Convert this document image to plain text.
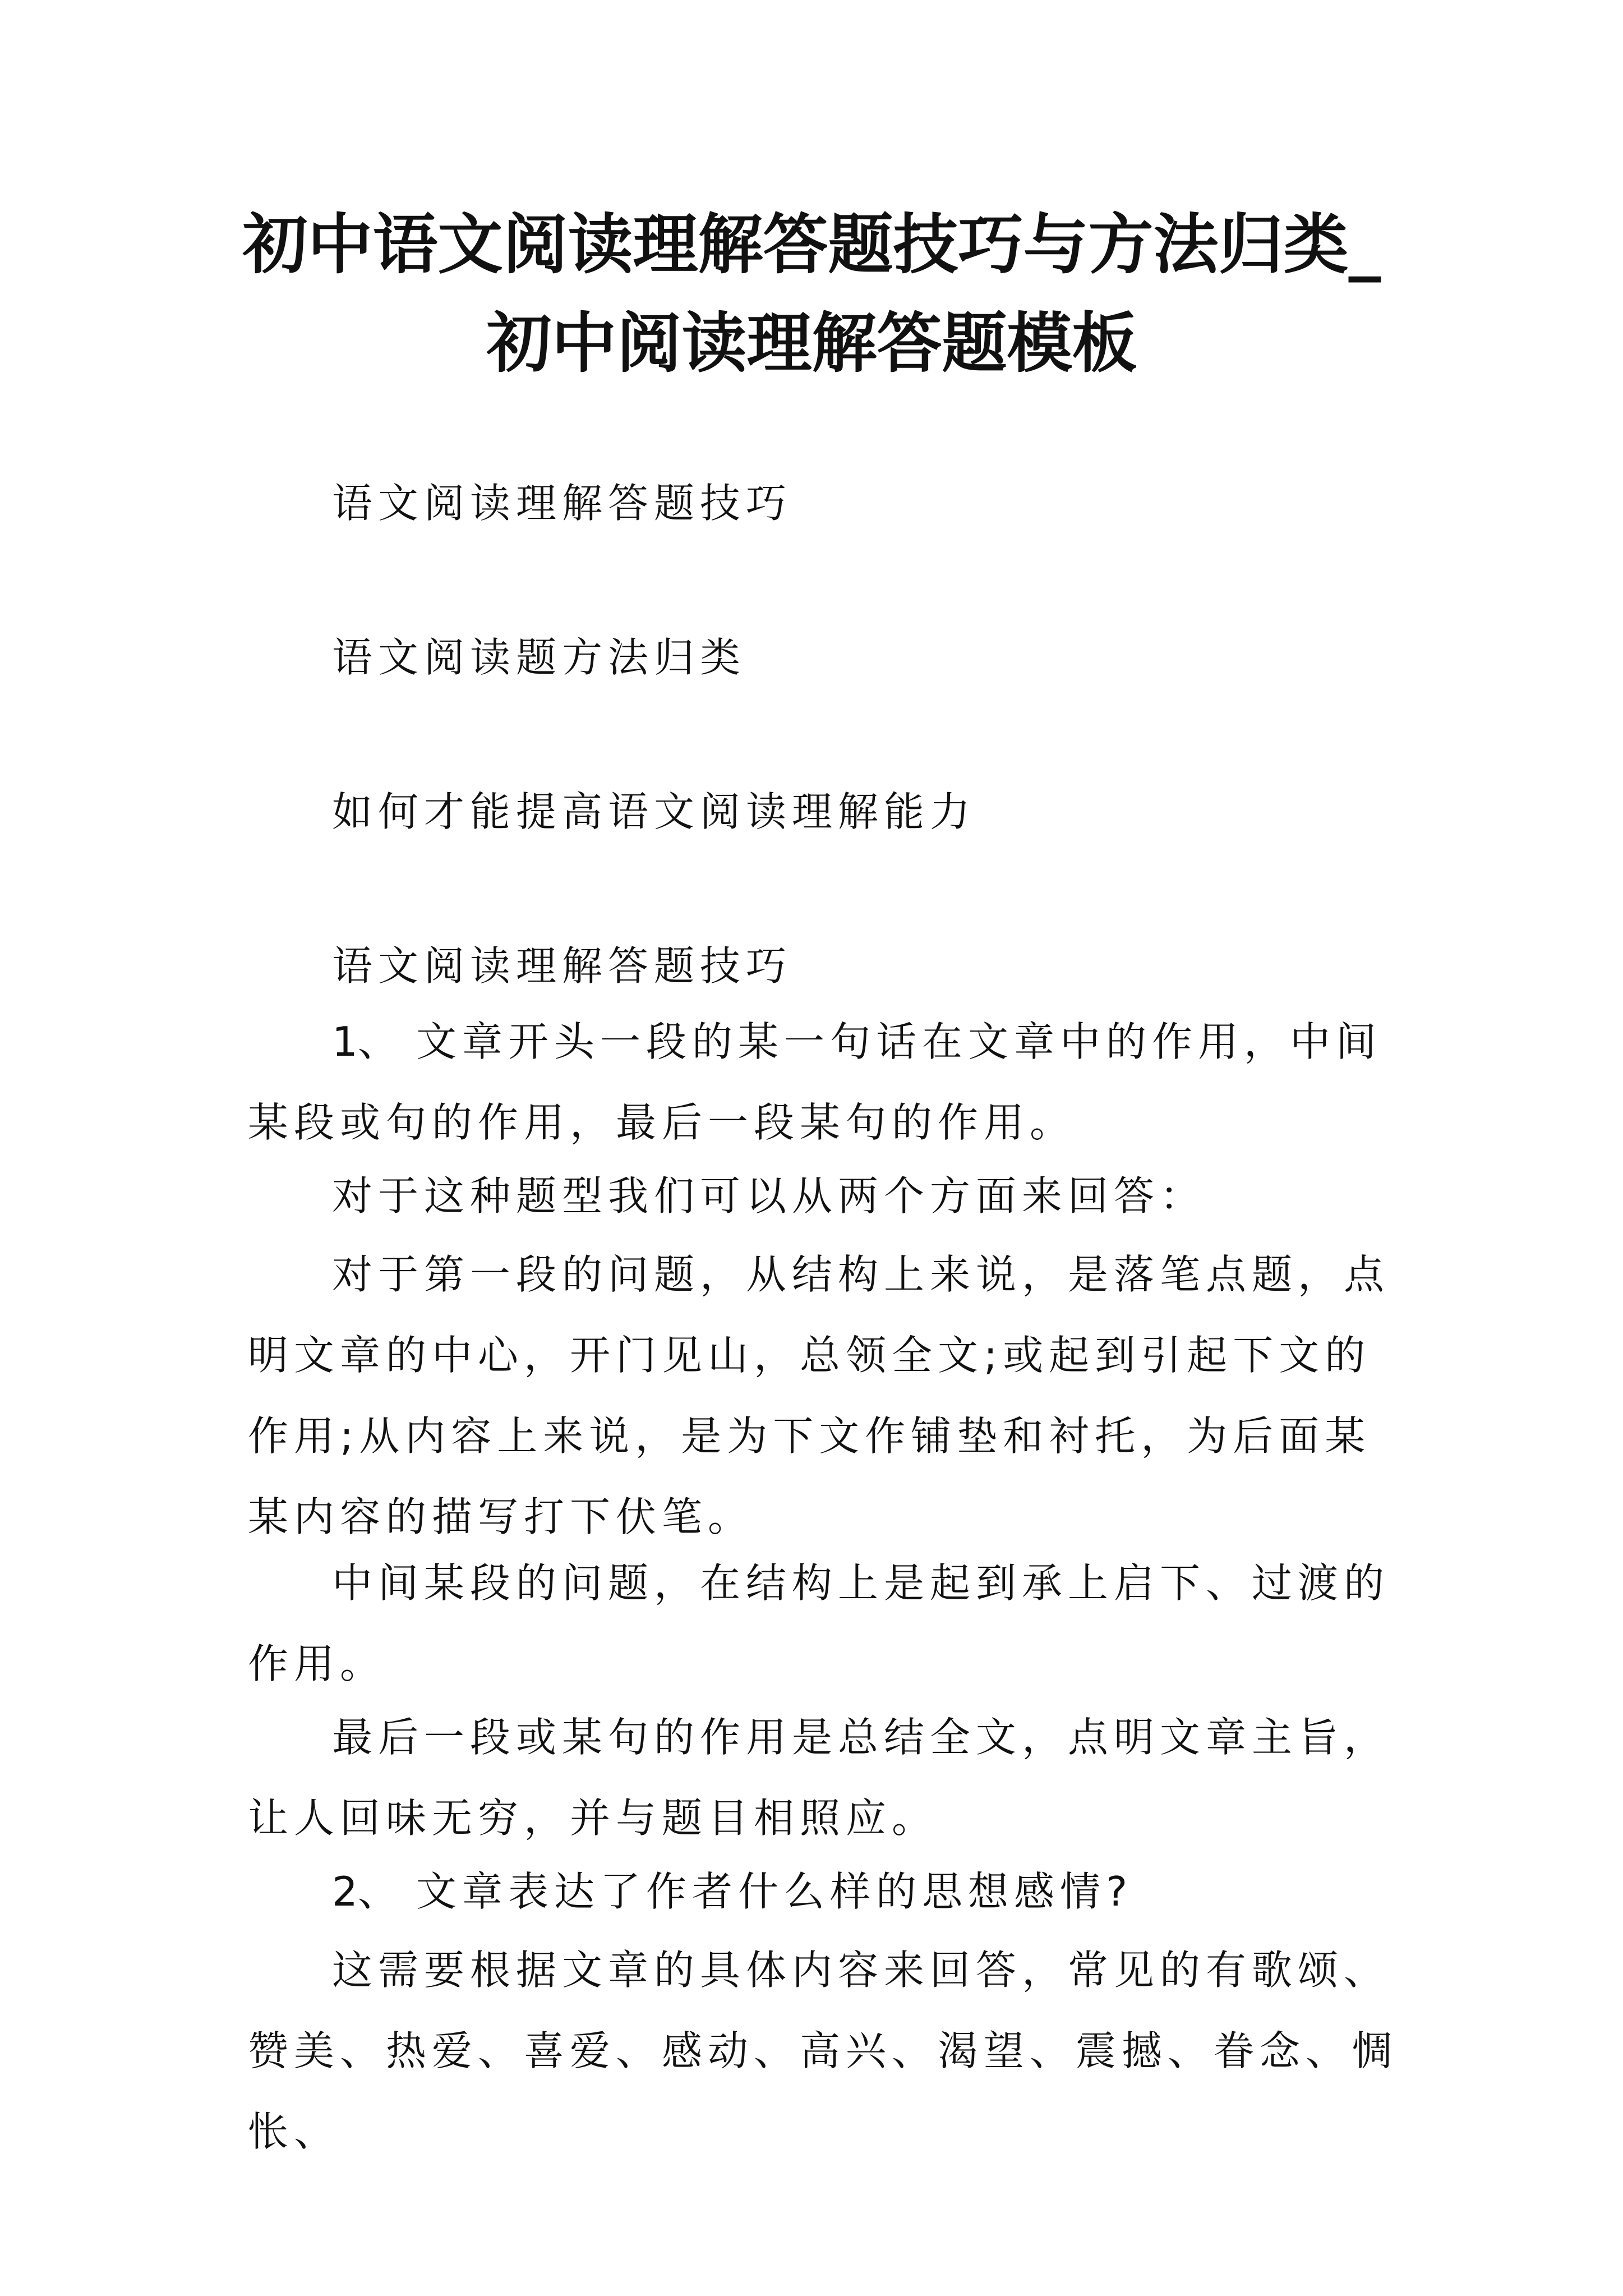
初中语文阅读理解答题技巧与方法归类_初中阅读理解答题模板

语文阅读理解答题技巧

语文阅读题方法归类

如何才能提高语文阅读理解能力

语文阅读理解答题技巧

1、 文章开头一段的某一句话在文章中的作用，中间某段或句的作用，最后一段某句的作用。

对于这种题型我们可以从两个方面来回答：

对于第一段的问题，从结构上来说，是落笔点题，点明文章的中心，开门见山，总领全文;或起到引起下文的作用;从内容上来说，是为下文作铺垫和衬托，为后面某某内容的描写打下伏笔。

中间某段的问题，在结构上是起到承上启下、过渡的作用。

最后一段或某句的作用是总结全文，点明文章主旨，让人回味无穷，并与题目相照应。

2、 文章表达了作者什么样的思想感情?

这需要根据文章的具体内容来回答，常见的有歌颂、赞美、热爱、喜爱、感动、高兴、渴望、震撼、眷念、惆怅、
